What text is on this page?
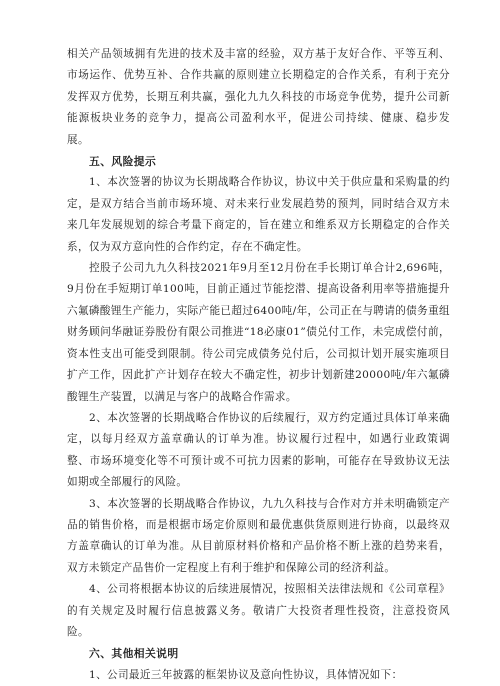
相关产品领域拥有先进的技术及丰富的经验，双方基于友好合作、平等互利、市场运作、优势互补、合作共赢的原则建立长期稳定的合作关系，有利于充分发挥双方优势，长期互利共赢，强化九九久科技的市场竞争优势，提升公司新能源板块业务的竞争力，提高公司盈利水平，促进公司持续、健康、稳步发展。

五、风险提示

1、本次签署的协议为长期战略合作协议，协议中关于供应量和采购量的约定，是双方结合当前市场环境、对未来行业发展趋势的预判，同时结合双方未来几年发展规划的综合考量下商定的，旨在建立和维系双方长期稳定的合作关系，仅为双方意向性的合作约定，存在不确定性。

控股子公司九九久科技2021年9月至12月份在手长期订单合计2,696吨，9月份在手短期订单100吨，目前正通过节能挖潜、提高设备利用率等措施提升六氟磷酸锂生产能力，实际产能已超过6400吨/年，公司正在与聘请的债务重组财务顾问华融证券股份有限公司推进“18必康01”债兑付工作，未完成偿付前，资本性支出可能受到限制。待公司完成债务兑付后，公司拟计划开展实施项目扩产工作，因此扩产计划存在较大不确定性，初步计划新建20000吨/年六氟磷酸锂生产装置，以满足与客户的战略合作需求。

2、本次签署的长期战略合作协议的后续履行，双方约定通过具体订单来确定，以每月经双方盖章确认的订单为准。协议履行过程中，如遇行业政策调整、市场环境变化等不可预计或不可抗力因素的影响，可能存在导致协议无法如期或全部履行的风险。

3、本次签署的长期战略合作协议，九九久科技与合作对方并未明确锁定产品的销售价格，而是根据市场定价原则和最优惠供货原则进行协商，以最终双方盖章确认的订单为准。从目前原材料价格和产品价格不断上涨的趋势来看，双方未锁定产品售价一定程度上有利于维护和保障公司的经济利益。

4、公司将根据本协议的后续进展情况，按照相关法律法规和《公司章程》的有关规定及时履行信息披露义务。敬请广大投资者理性投资，注意投资风险。

六、其他相关说明

1、公司最近三年披露的框架协议及意向性协议，具体情况如下：
